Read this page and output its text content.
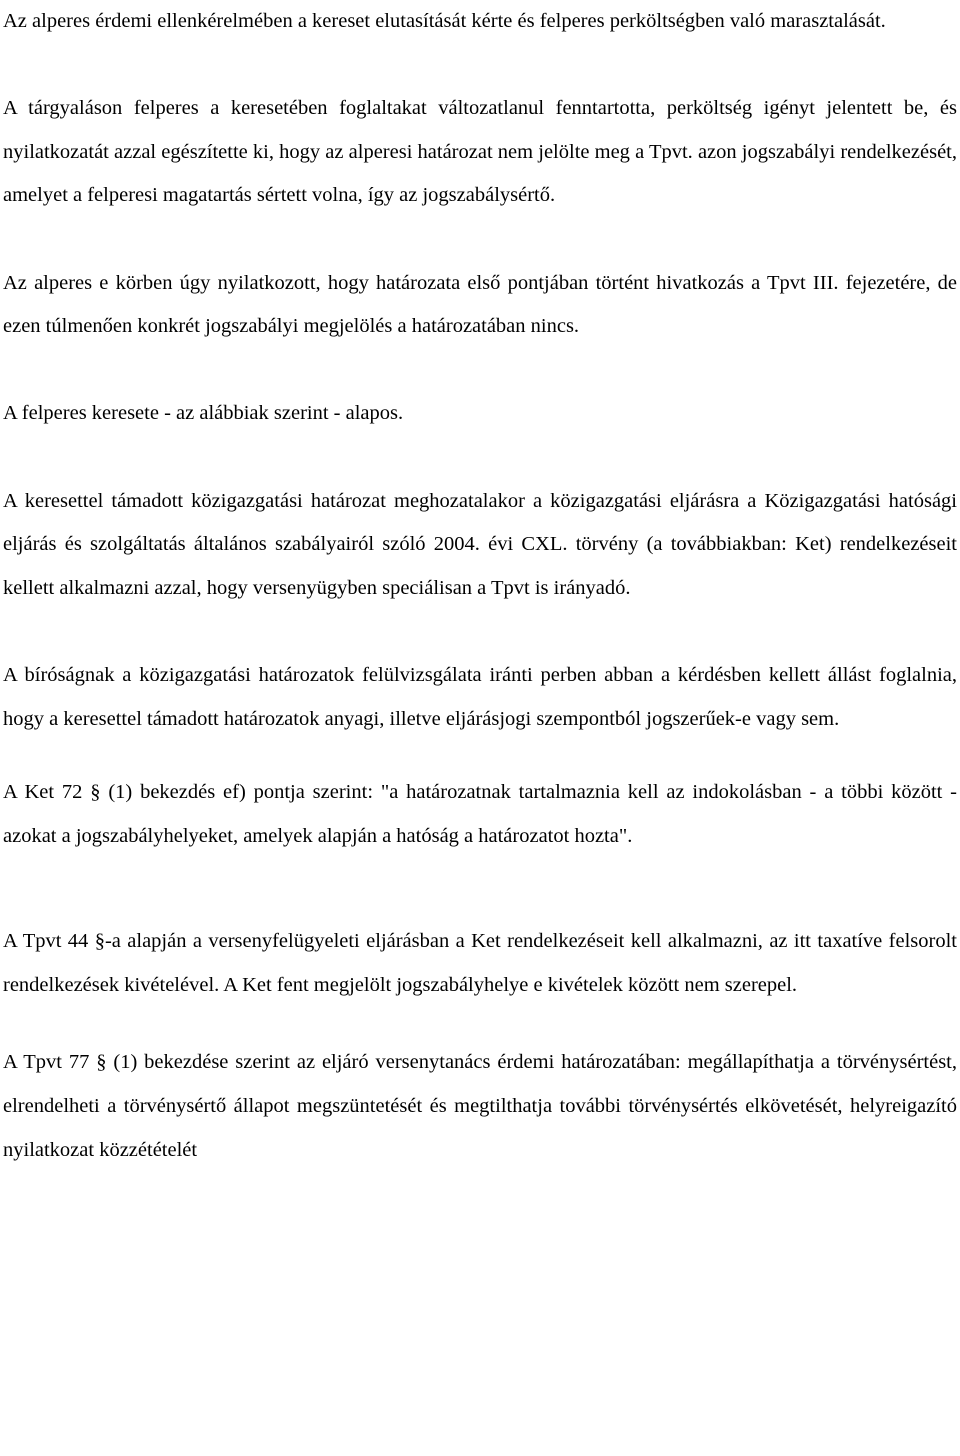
Az alperes érdemi ellenkérelmében a kereset elutasítását kérte és felperes perköltségben való marasztalását.

A tárgyaláson felperes a keresetében foglaltakat változatlanul fenntartotta, perköltség igényt jelentett be, és nyilatkozatát azzal egészítette ki, hogy az alperesi határozat nem jelölte meg a Tpvt. azon jogszabályi rendelkezését, amelyet a felperesi magatartás sértett volna, így az jogszabálysértő.

Az alperes e körben úgy nyilatkozott, hogy határozata első pontjában történt hivatkozás a Tpvt III. fejezetére, de ezen túlmenően konkrét jogszabályi megjelölés a határozatában nincs.

A felperes keresete - az alábbiak szerint - alapos.

A keresettel támadott közigazgatási határozat meghozatalakor a közigazgatási eljárásra a Közigazgatási hatósági eljárás és szolgáltatás általános szabályairól szóló 2004. évi CXL. törvény (a továbbiakban: Ket) rendelkezéseit kellett alkalmazni azzal, hogy versenyügyben speciálisan a Tpvt is irányadó.

A bíróságnak a közigazgatási határozatok felülvizsgálata iránti perben abban a kérdésben kellett állást foglalnia, hogy a keresettel támadott határozatok anyagi, illetve eljárásjogi szempontból jogszerűek-e vagy sem.

A Ket 72 § (1) bekezdés ef) pontja szerint: "a határozatnak tartalmaznia kell az indokolásban - a többi között - azokat a jogszabályhelyeket, amelyek alapján a hatóság a határozatot hozta".

A Tpvt 44 §-a alapján a versenyfelügyeleti eljárásban a Ket rendelkezéseit kell alkalmazni, az itt taxatíve felsorolt rendelkezések kivételével. A Ket fent megjelölt jogszabályhelye e kivételek között nem szerepel.

A Tpvt 77 § (1) bekezdése szerint az eljáró versenytanács érdemi határozatában: megállapíthatja a törvénysértést, elrendelheti a törvénysértő állapot megszüntetését és megtilthatja további törvénysértés elkövetését, helyreigazító nyilatkozat közzétételét
